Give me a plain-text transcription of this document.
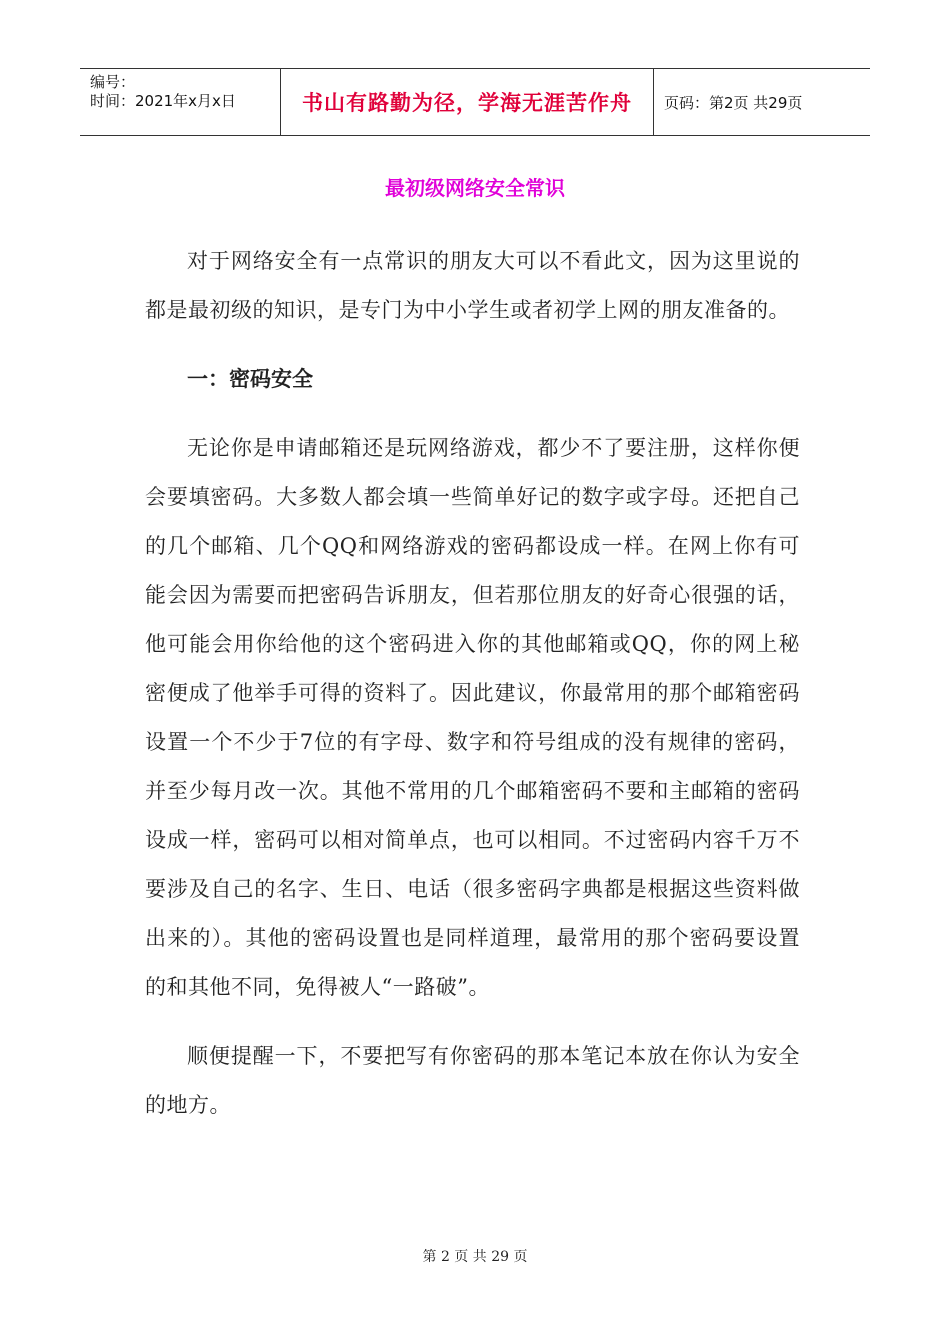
编号：
时间：2021年x月x日	书山有路勤为径，学海无涯苦作舟	页码：第2页 共29页
最初级网络安全常识

对于网络安全有一点常识的朋友大可以不看此文，因为这里说的都是最初级的知识，是专门为中小学生或者初学上网的朋友准备的。

一：密码安全

无论你是申请邮箱还是玩网络游戏，都少不了要注册，这样你便会要填密码。大多数人都会填一些简单好记的数字或字母。还把自己的几个邮箱、几个QQ和网络游戏的密码都设成一样。在网上你有可能会因为需要而把密码告诉朋友，但若那位朋友的好奇心很强的话，他可能会用你给他的这个密码进入你的其他邮箱或QQ，你的网上秘密便成了他举手可得的资料了。因此建议，你最常用的那个邮箱密码设置一个不少于7位的有字母、数字和符号组成的没有规律的密码，并至少每月改一次。其他不常用的几个邮箱密码不要和主邮箱的密码设成一样，密码可以相对简单点，也可以相同。不过密码内容千万不要涉及自己的名字、生日、电话（很多密码字典都是根据这些资料做出来的）。其他的密码设置也是同样道理，最常用的那个密码要设置的和其他不同，免得被人“一路破”。

顺便提醒一下，不要把写有你密码的那本笔记本放在你认为安全的地方。

第 2 页 共 29 页
